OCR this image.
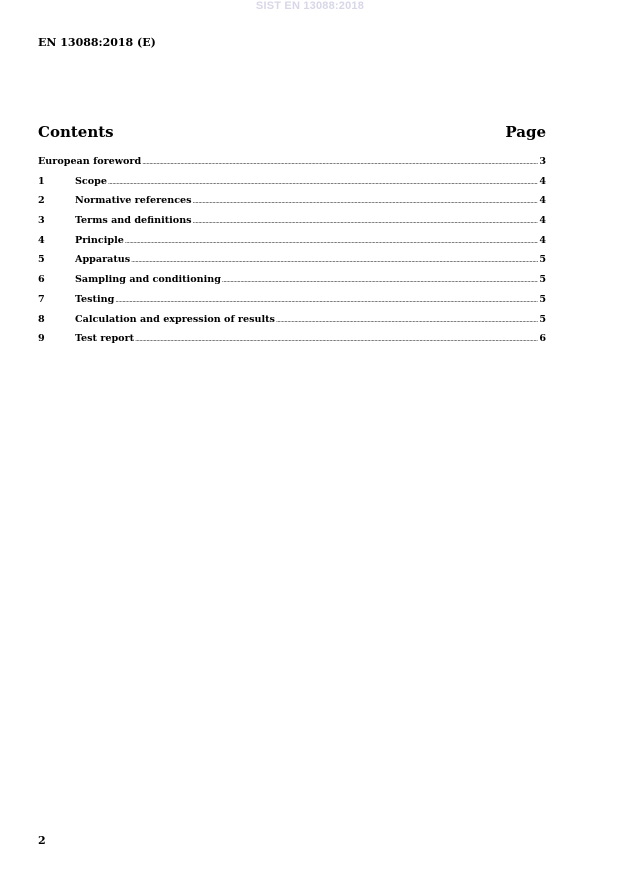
SIST EN 13088:2018
EN 13088:2018 (E)
Contents	Page
European foreword .....	3
1	Scope .....	4
2	Normative references .....	4
3	Terms and definitions .....	4
4	Principle .....	4
5	Apparatus .....	5
6	Sampling and conditioning .....	5
7	Testing .....	5
8	Calculation and expression of results .....	5
9	Test report .....	6
2
